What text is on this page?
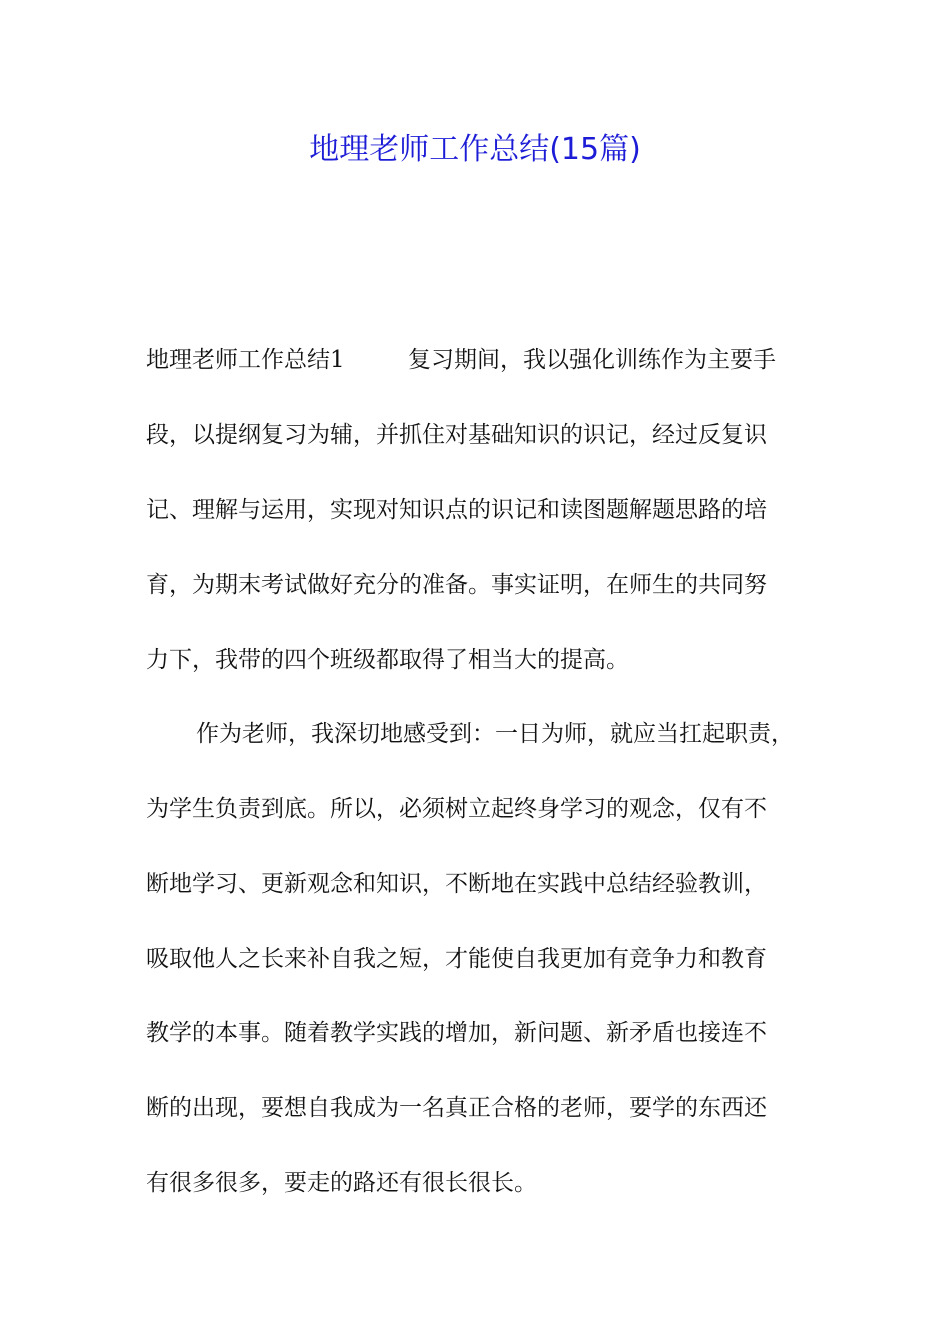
地理老师工作总结(15篇)

地理老师工作总结1	复习期间，我以强化训练作为主要手

段，以提纲复习为辅，并抓住对基础知识的识记，经过反复识

记、理解与运用，实现对知识点的识记和读图题解题思路的培

育，为期末考试做好充分的准备。事实证明，在师生的共同努

力下，我带的四个班级都取得了相当大的提高。

作为老师，我深切地感受到：一日为师，就应当扛起职责，

为学生负责到底。所以，必须树立起终身学习的观念，仅有不

断地学习、更新观念和知识，不断地在实践中总结经验教训，

吸取他人之长来补自我之短，才能使自我更加有竞争力和教育

教学的本事。随着教学实践的增加，新问题、新矛盾也接连不

断的出现，要想自我成为一名真正合格的老师，要学的东西还

有很多很多，要走的路还有很长很长。
